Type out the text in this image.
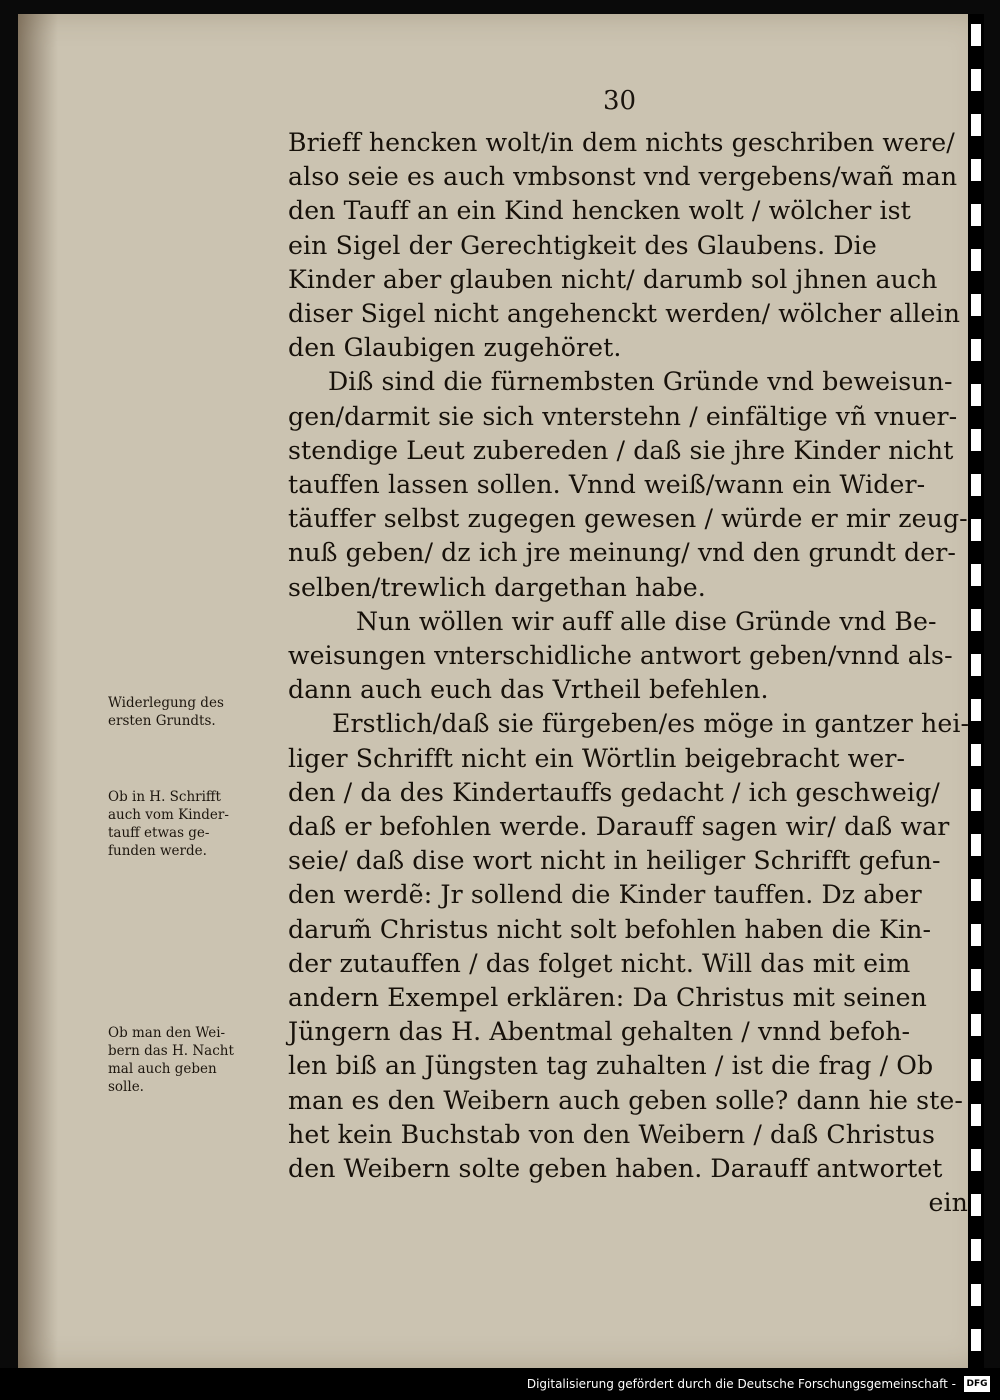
30
Brieff hencken wolt/in dem nichts geschriben were/
also seie es auch vmbsonst vnd vergebens/wañ man
den Tauff an ein Kind hencken wolt / wölcher ist
ein Sigel der Gerechtigkeit des Glaubens. Die
Kinder aber glauben nicht/ darumb sol jhnen auch
diser Sigel nicht angehenckt werden/ wölcher allein
den Glaubigen zugehöret.
Diß sind die fürnembsten Gründe vnd beweisun-
gen/darmit sie sich vnterstehn / einfältige vñ vnuer-
stendige Leut zubereden / daß sie jhre Kinder nicht
tauffen lassen sollen. Vnnd weiß/wann ein Wider-
täuffer selbst zugegen gewesen / würde er mir zeug-
nuß geben/ dz ich jre meinung/ vnd den grundt der-
selben/trewlich dargethan habe.
Nun wöllen wir auff alle dise Gründe vnd Be-
weisungen vnterschidliche antwort geben/vnnd als-
dann auch euch das Vrtheil befehlen.
Erstlich/daß sie fürgeben/es möge in gantzer hei-
liger Schrifft nicht ein Wörtlin beigebracht wer-
den / da des Kindertauffs gedacht / ich geschweig/
daß er befohlen werde. Darauff sagen wir/ daß war
seie/ daß dise wort nicht in heiliger Schrifft gefun-
den werdẽ: Jr sollend die Kinder tauffen. Dz aber
darum̃ Christus nicht solt befohlen haben die Kin-
der zutauffen / das folget nicht. Will das mit eim
andern Exempel erklären: Da Christus mit seinen
Jüngern das H. Abentmal gehalten / vnnd befoh-
len biß an Jüngsten tag zuhalten / ist die frag / Ob
man es den Weibern auch geben solle? dann hie ste-
het kein Buchstab von den Weibern / daß Christus
den Weibern solte geben haben. Darauff antwortet
ein
Widerlegung des
ersten Grundts.
Ob in H. Schrifft
auch vom Kinder-
tauff etwas ge-
funden werde.
Ob man den Wei-
bern das H. Nacht
mal auch geben
solle.
Digitalisierung gefördert durch die Deutsche Forschungsgemeinschaft - DFG
